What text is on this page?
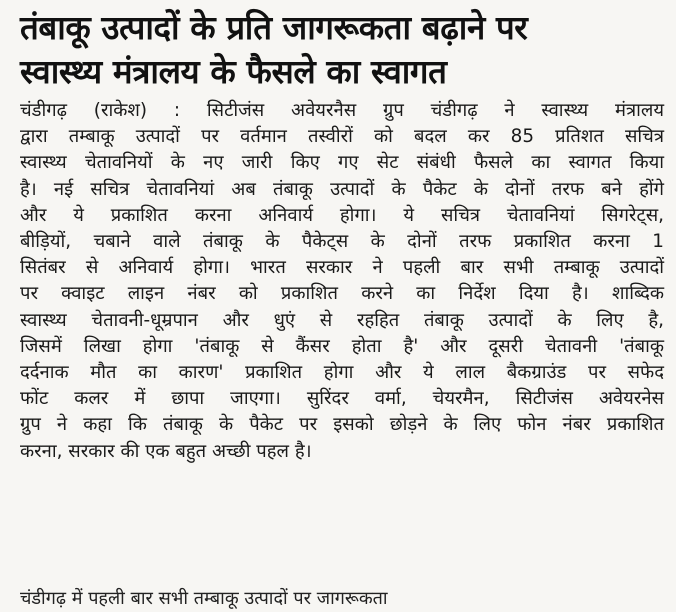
तंबाकू उत्पादों के प्रति जागरूकता बढ़ाने पर
स्वास्थ्य मंत्रालय के फैसले का स्वागत
चंडीगढ़ (राकेश) : सिटीजंस अवेयरनैस ग्रुप चंडीगढ़ ने स्वास्थ्य मंत्रालय
द्वारा तम्बाकू उत्पादों पर वर्तमान तस्वीरों को बदल कर 85 प्रतिशत सचित्र
स्वास्थ्य चेतावनियों के नए जारी किए गए सेट संबंधी फैसले का स्वागत किया
है। नई सचित्र चेतावनियां अब तंबाकू उत्पादों के पैकेट के दोनों तरफ बने होंगे
और ये प्रकाशित करना अनिवार्य होगा। ये सचित्र चेतावनियां सिगरेट्स,
बीड़ियों, चबाने वाले तंबाकू के पैकेट्स के दोनों तरफ प्रकाशित करना 1
सितंबर से अनिवार्य होगा। भारत सरकार ने पहली बार सभी तम्बाकू उत्पादों
पर क्वाइट लाइन नंबर को प्रकाशित करने का निर्देश दिया है। शाब्दिक
स्वास्थ्य चेतावनी-धूम्रपान और धुएं से रहहित तंबाकू उत्पादों के लिए है,
जिसमें लिखा होगा 'तंबाकू से कैंसर होता है' और दूसरी चेतावनी 'तंबाकू
दर्दनाक मौत का कारण' प्रकाशित होगा और ये लाल बैकग्राउंड पर सफेद
फोंट कलर में छापा जाएगा। सुरिंदर वर्मा, चेयरमैन, सिटीजंस अवेयरनेस
ग्रुप ने कहा कि तंबाकू के पैकेट पर इसको छोड़ने के लिए फोन नंबर प्रकाशित
करना, सरकार की एक बहुत अच्छी पहल है।
चंडीगढ़ में पहली बार सभी तम्बाकू उत्पादों पर जागरूकता
